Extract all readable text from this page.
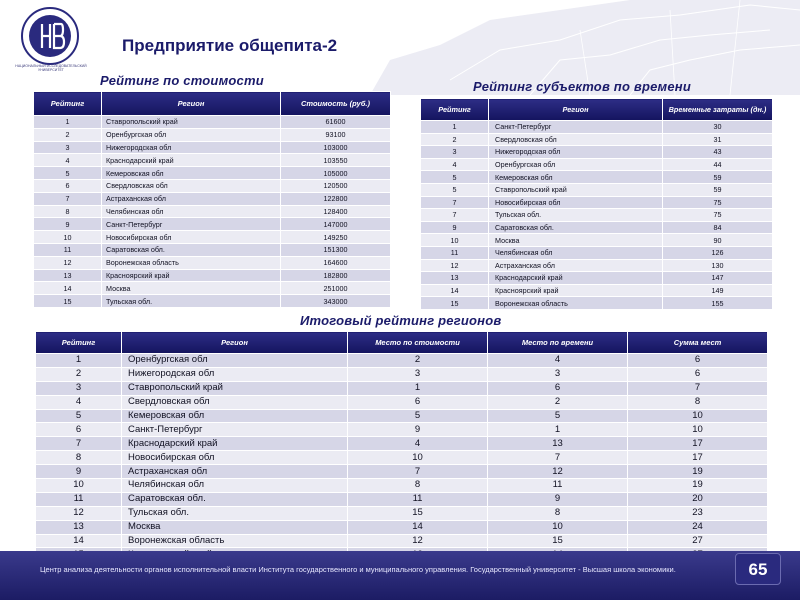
НАЦИОНАЛЬНЫЙ ИССЛЕДОВАТЕЛЬСКИЙ УНИВЕРСИТЕТ
Предприятие общепита-2
Рейтинг по стоимости	Рейтинг субъектов по времени
Итоговый рейтинг регионов
Рейтинг	Регион	Стоимость (руб.)
1	Ставропольский край	61600
2	Оренбургская обл	93100
3	Нижегородская обл	103000
4	Краснодарский край	103550
5	Кемеровская обл	105000
6	Свердловская обл	120500
7	Астраханская обл	122800
8	Челябинская обл	128400
9	Санкт-Петербург	147000
10	Новосибирская обл	149250
11	Саратовская обл.	151300
12	Воронежская область	164600
13	Красноярский край	182800
14	Москва	251000
15	Тульская обл.	343000
Рейтинг	Регион	Временные затраты (дн.)
1	Санкт-Петербург	30
2	Свердловская обл	31
3	Нижегородская обл	43
4	Оренбургская обл	44
5	Кемеровская обл	59
5	Ставропольский край	59
7	Новосибирская обл	75
7	Тульская обл.	75
9	Саратовская обл.	84
10	Москва	90
11	Челябинская обл	126
12	Астраханская обл	130
13	Краснодарский край	147
14	Красноярский край	149
15	Воронежская область	155
Рейтинг	Регион	Место по стоимости	Место по времени	Сумма мест
1	Оренбургская обл	2	4	6
2	Нижегородская обл	3	3	6
3	Ставропольский край	1	6	7
4	Свердловская обл	6	2	8
5	Кемеровская обл	5	5	10
6	Санкт-Петербург	9	1	10
7	Краснодарский край	4	13	17
8	Новосибирская обл	10	7	17
9	Астраханская обл	7	12	19
10	Челябинская обл	8	11	19
11	Саратовская обл.	11	9	20
12	Тульская обл.	15	8	23
13	Москва	14	10	24
14	Воронежская область	12	15	27

Центр анализа деятельности органов исполнительной власти Института государственного и муниципального управления. Государственный университет - Высшая школа экономики.	65
